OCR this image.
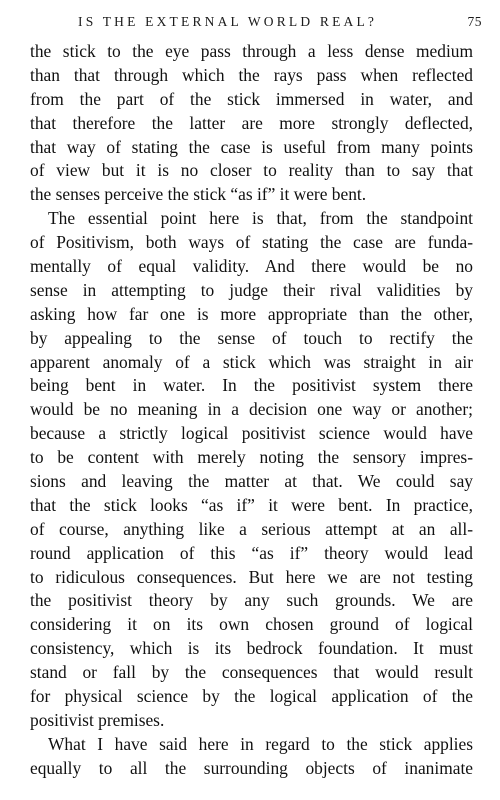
IS THE EXTERNAL WORLD REAL?	75
the stick to the eye pass through a less dense medium
than that through which the rays pass when reflected
from the part of the stick immersed in water, and
that therefore the latter are more strongly deflected,
that way of stating the case is useful from many points
of view but it is no closer to reality than to say that
the senses perceive the stick “as if” it were bent.
The essential point here is that, from the standpoint
of Positivism, both ways of stating the case are funda-
mentally of equal validity. And there would be no
sense in attempting to judge their rival validities by
asking how far one is more appropriate than the other,
by appealing to the sense of touch to rectify the
apparent anomaly of a stick which was straight in air
being bent in water. In the positivist system there
would be no meaning in a decision one way or another;
because a strictly logical positivist science would have
to be content with merely noting the sensory impres-
sions and leaving the matter at that. We could say
that the stick looks “as if” it were bent. In practice,
of course, anything like a serious attempt at an all-
round application of this “as if” theory would lead
to ridiculous consequences. But here we are not testing
the positivist theory by any such grounds. We are
considering it on its own chosen ground of logical
consistency, which is its bedrock foundation. It must
stand or fall by the consequences that would result
for physical science by the logical application of the
positivist premises.
What I have said here in regard to the stick applies
equally to all the surrounding objects of inanimate
